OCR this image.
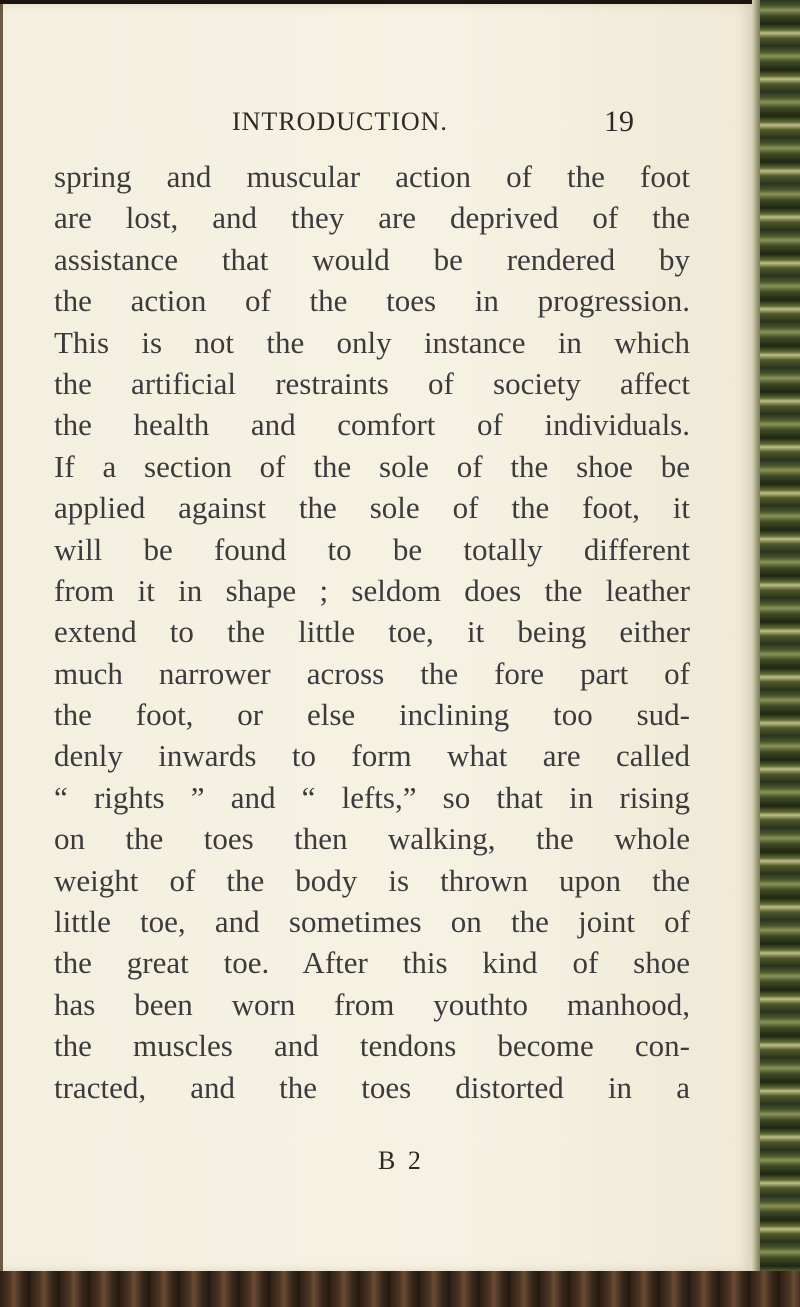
INTRODUCTION.	19
spring and muscular action of the foot
are lost, and they are deprived of the
assistance that would be rendered by
the action of the toes in progression.
This is not the only instance in which
the artificial restraints of society affect
the health and comfort of individuals.
If a section of the sole of the shoe be
applied against the sole of the foot, it
will be found to be totally different
from it in shape ; seldom does the leather
extend to the little toe, it being either
much narrower across the fore part of
the foot, or else inclining too sud-
denly inwards to form what are called
“ rights ” and “ lefts,” so that in rising
on the toes then walking, the whole
weight of the body is thrown upon the
little toe, and sometimes on the joint of
the great toe. After this kind of shoe
has been worn from youthto manhood,
the muscles and tendons become con-
tracted, and the toes distorted in a
B 2
